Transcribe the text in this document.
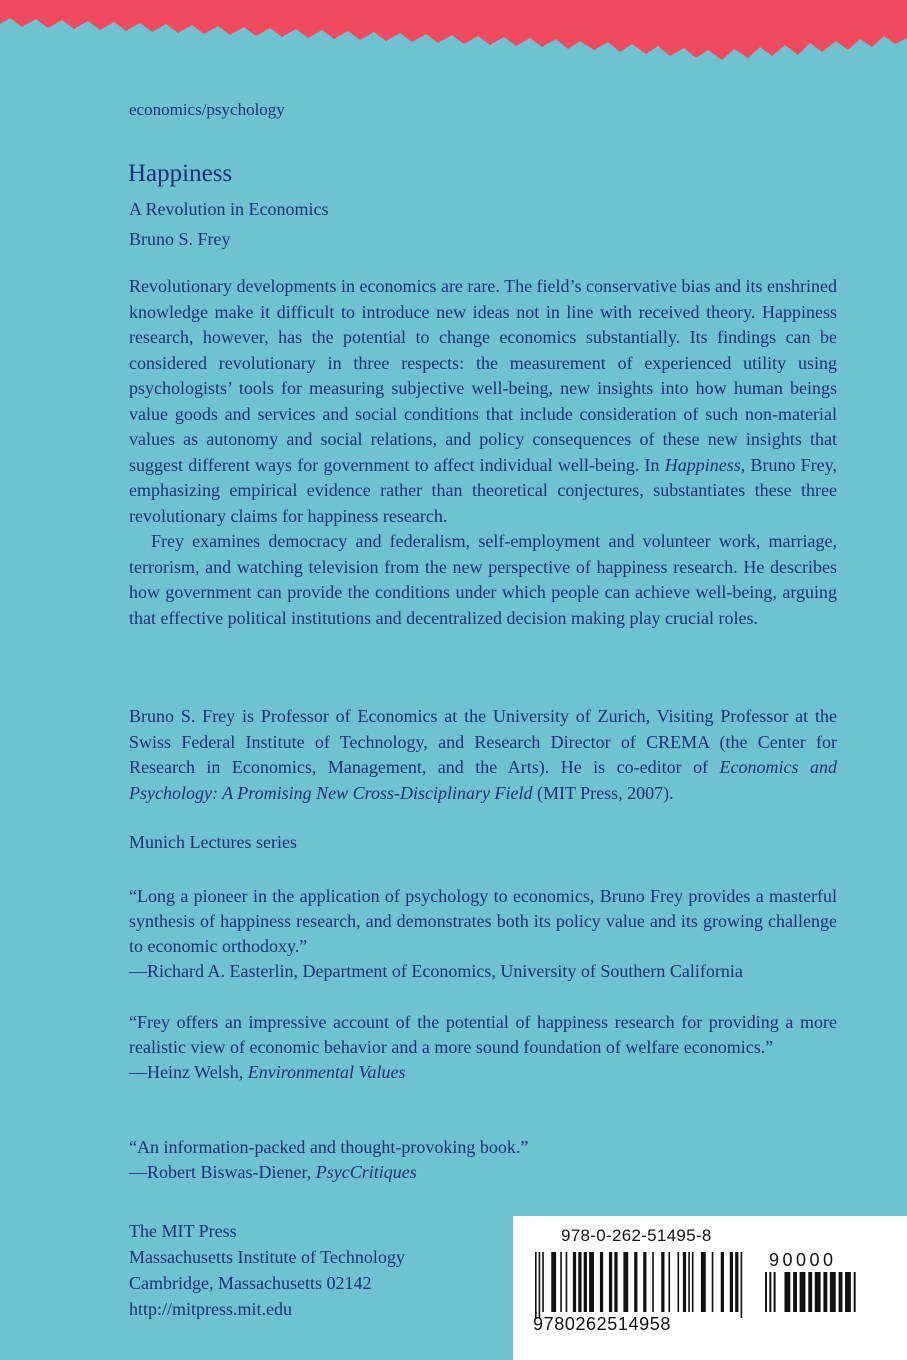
economics/psychology
Happiness
A Revolution in Economics
Bruno S. Frey

Revolutionary developments in economics are rare. The field’s conservative bias and its enshrined knowledge make it difficult to introduce new ideas not in line with received theory. Happiness research, however, has the potential to change economics substantially. Its findings can be considered revolutionary in three respects: the measurement of experienced utility using psychologists’ tools for measuring subjective well-being, new insights into how human beings value goods and services and social conditions that include consideration of such non-material values as autonomy and social relations, and policy consequences of these new insights that suggest different ways for government to affect individual well-being. In Happiness, Bruno Frey, emphasizing empirical evidence rather than theoretical conjectures, substantiates these three revolutionary claims for happiness research.

Frey examines democracy and federalism, self-employment and volunteer work, marriage, terrorism, and watching television from the new perspective of happiness research. He describes how government can provide the conditions under which people can achieve well-being, arguing that effective political institutions and decentralized decision making play crucial roles.

Bruno S. Frey is Professor of Economics at the University of Zurich, Visiting Professor at the Swiss Federal Institute of Technology, and Research Director of CREMA (the Center for Research in Economics, Management, and the Arts). He is co-editor of Economics and Psychology: A Promising New Cross-Disciplinary Field (MIT Press, 2007).

Munich Lectures series
“Long a pioneer in the application of psychology to economics, Bruno Frey provides a masterful synthesis of happiness research, and demonstrates both its policy value and its growing challenge to economic orthodoxy.”
—Richard A. Easterlin, Department of Economics, University of Southern California
“Frey offers an impressive account of the potential of happiness research for providing a more realistic view of economic behavior and a more sound foundation of welfare economics.”
—Heinz Welsh, Environmental Values
“An information-packed and thought-provoking book.”
—Robert Biswas-Diener, PsycCritiques
The MIT Press
Massachusetts Institute of Technology
Cambridge, Massachusetts 02142
http://mitpress.mit.edu
978-0-262-51495-8
90000
9780262514958
